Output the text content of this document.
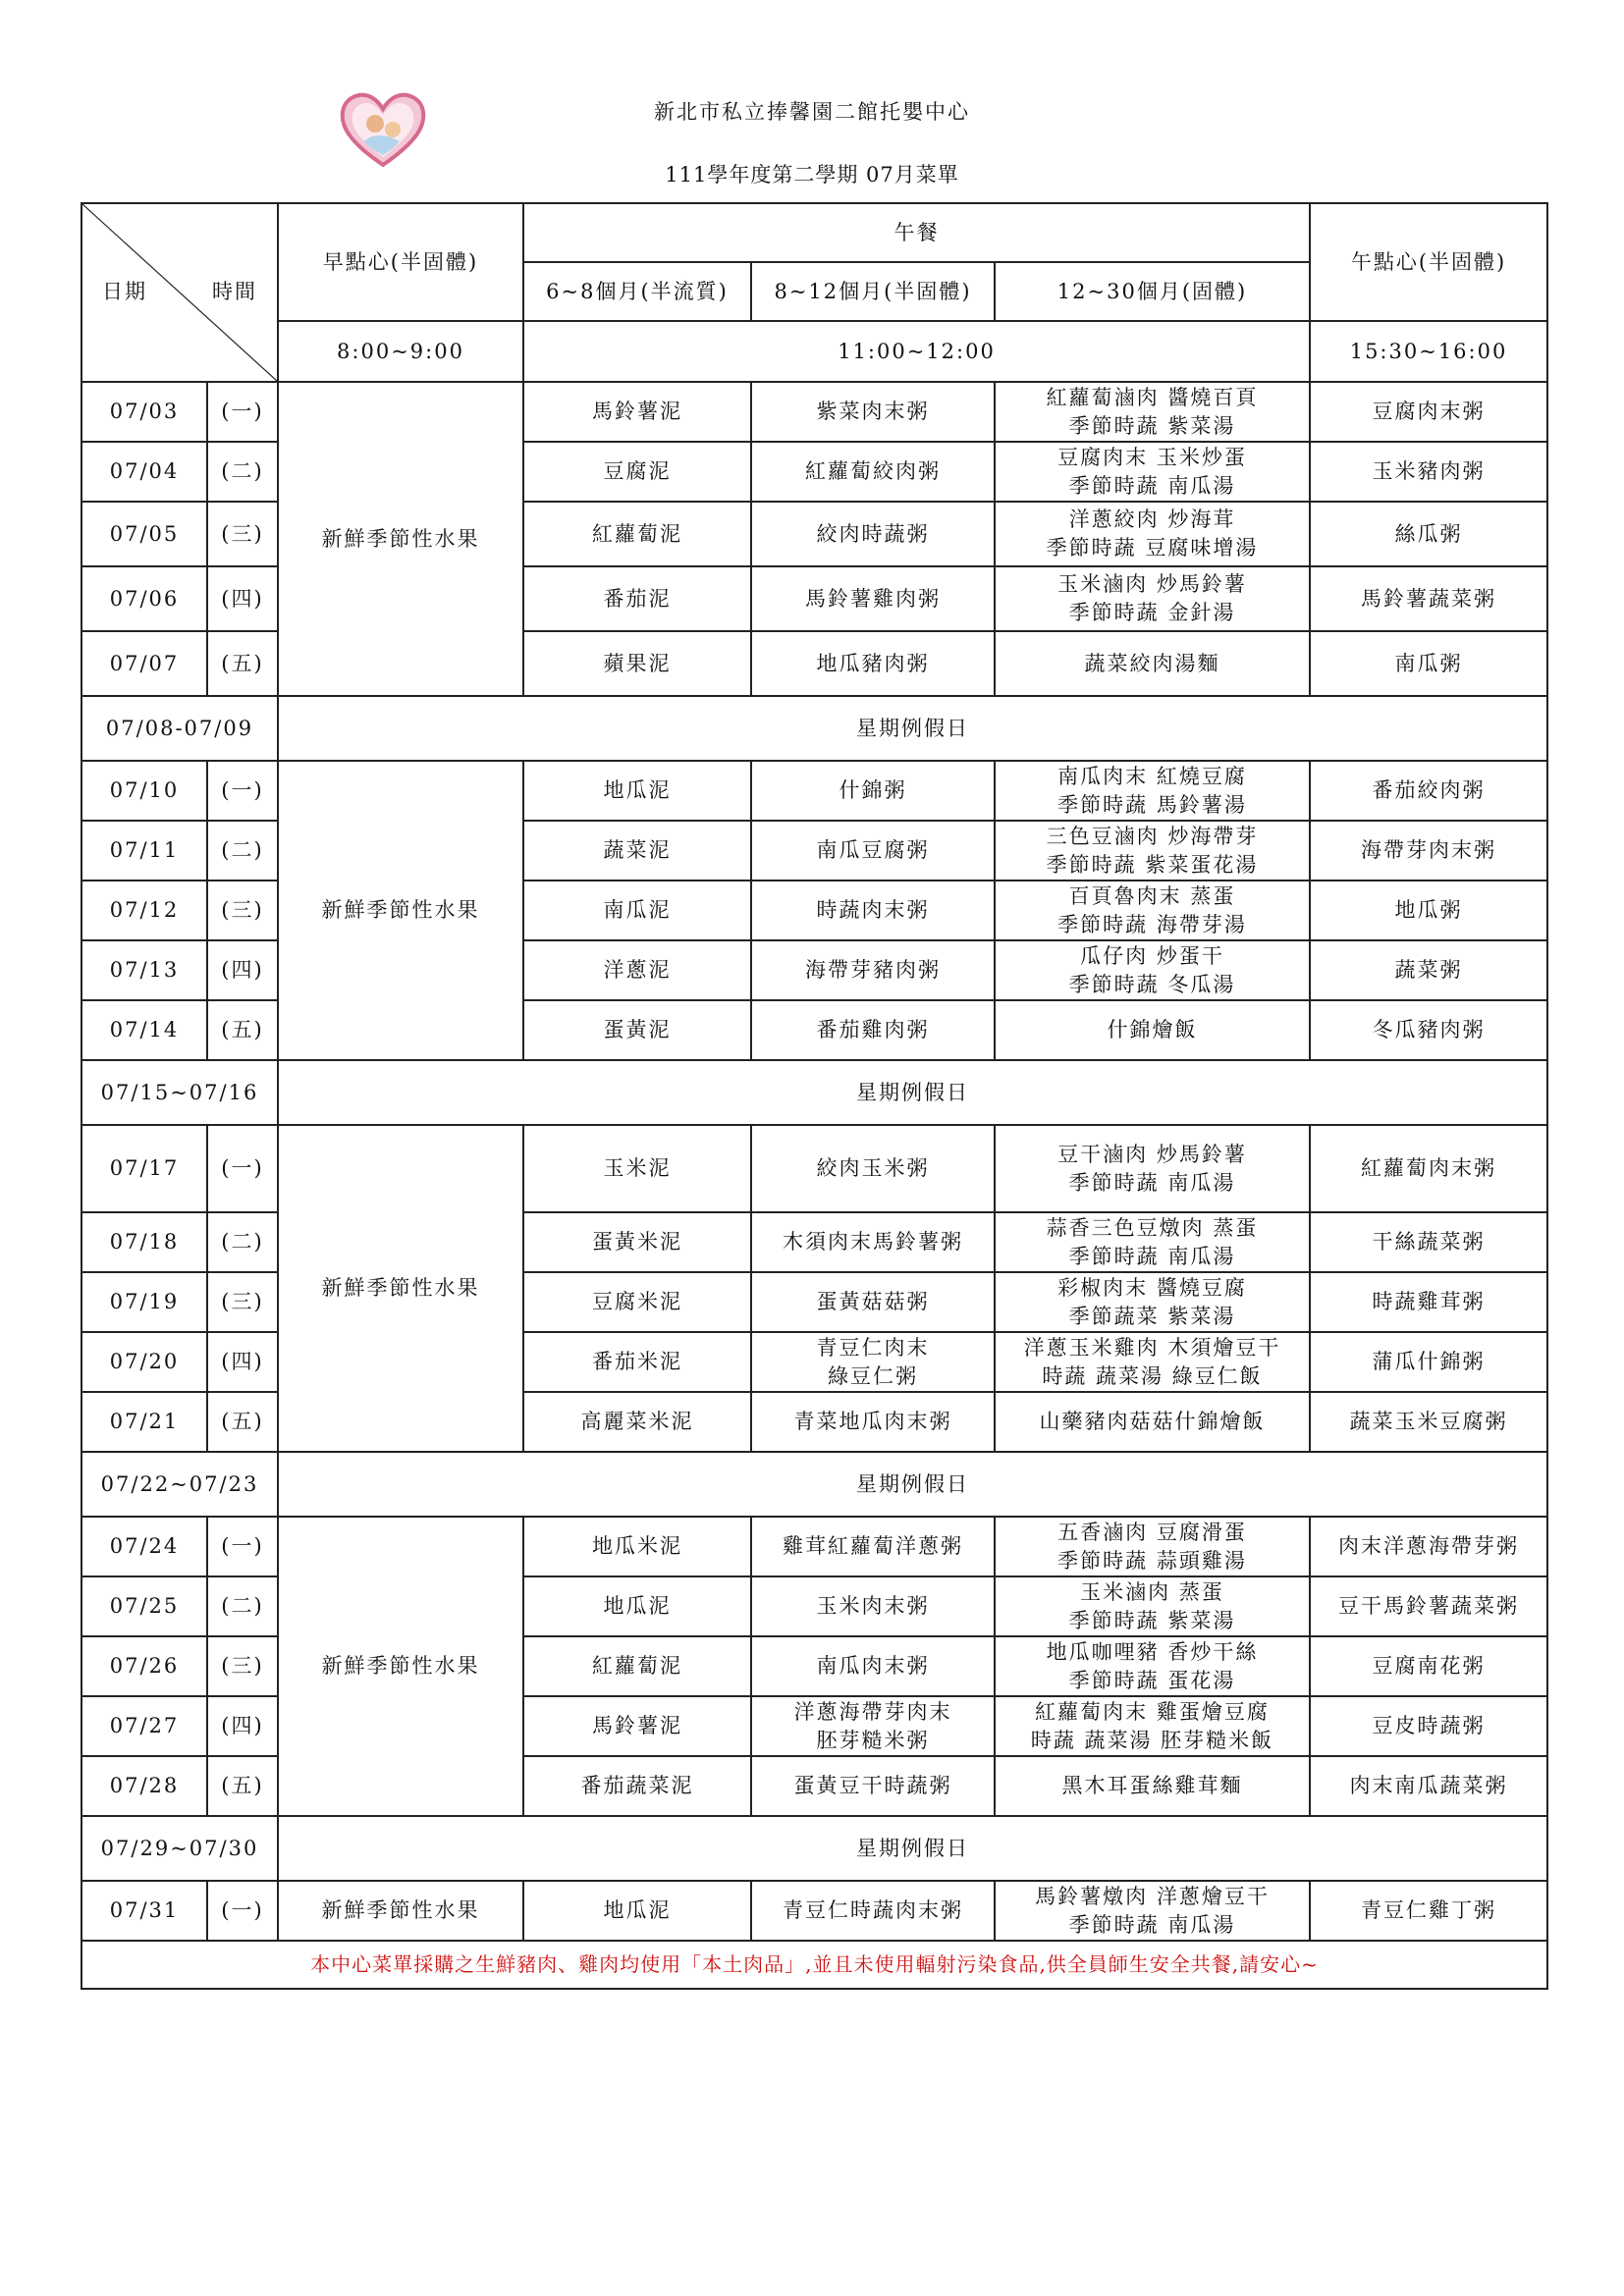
新北市私立捧馨園二館托嬰中心
111學年度第二學期 07月菜單
日期 時間		早點心(半固體)	午餐			午點心(半固體)
			6~8個月(半流質)	8~12個月(半固體)	12~30個月(固體)	
		8:00~9:00	11:00~12:00			15:30~16:00
07/03	(一)	新鮮季節性水果	馬鈴薯泥	紫菜肉末粥	紅蘿蔔滷肉 醬燒百頁
季節時蔬 紫菜湯	豆腐肉末粥
07/04	(二)		豆腐泥	紅蘿蔔絞肉粥	豆腐肉末 玉米炒蛋
季節時蔬 南瓜湯	玉米豬肉粥
07/05	(三)		紅蘿蔔泥	絞肉時蔬粥	洋蔥絞肉 炒海茸
季節時蔬 豆腐味增湯	絲瓜粥
07/06	(四)		番茄泥	馬鈴薯雞肉粥	玉米滷肉 炒馬鈴薯
季節時蔬 金針湯	馬鈴薯蔬菜粥
07/07	(五)		蘋果泥	地瓜豬肉粥	蔬菜絞肉湯麵	南瓜粥
07/08-07/09		星期例假日				
07/10	(一)	新鮮季節性水果	地瓜泥	什錦粥	南瓜肉末 紅燒豆腐
季節時蔬 馬鈴薯湯	番茄絞肉粥
07/11	(二)		蔬菜泥	南瓜豆腐粥	三色豆滷肉 炒海帶芽
季節時蔬 紫菜蛋花湯	海帶芽肉末粥
07/12	(三)		南瓜泥	時蔬肉末粥	百頁魯肉末 蒸蛋
季節時蔬 海帶芽湯	地瓜粥
07/13	(四)		洋蔥泥	海帶芽豬肉粥	瓜仔肉 炒蛋干
季節時蔬 冬瓜湯	蔬菜粥
07/14	(五)		蛋黃泥	番茄雞肉粥	什錦燴飯	冬瓜豬肉粥
07/15~07/16		星期例假日				
07/17	(一)	新鮮季節性水果	玉米泥	絞肉玉米粥	豆干滷肉 炒馬鈴薯
季節時蔬 南瓜湯	紅蘿蔔肉末粥
07/18	(二)		蛋黃米泥	木須肉末馬鈴薯粥	蒜香三色豆燉肉 蒸蛋
季節時蔬 南瓜湯	干絲蔬菜粥
07/19	(三)		豆腐米泥	蛋黃菇菇粥	彩椒肉末 醬燒豆腐
季節蔬菜 紫菜湯	時蔬雞茸粥
07/20	(四)		番茄米泥	青豆仁肉末
綠豆仁粥	洋蔥玉米雞肉 木須燴豆干
時蔬 蔬菜湯 綠豆仁飯	蒲瓜什錦粥
07/21	(五)		高麗菜米泥	青菜地瓜肉末粥	山藥豬肉菇菇什錦燴飯	蔬菜玉米豆腐粥
07/22~07/23		星期例假日				
07/24	(一)	新鮮季節性水果	地瓜米泥	雞茸紅蘿蔔洋蔥粥	五香滷肉 豆腐滑蛋
季節時蔬 蒜頭雞湯	肉末洋蔥海帶芽粥
07/25	(二)		地瓜泥	玉米肉末粥	玉米滷肉 蒸蛋
季節時蔬 紫菜湯	豆干馬鈴薯蔬菜粥
07/26	(三)		紅蘿蔔泥	南瓜肉末粥	地瓜咖哩豬 香炒干絲
季節時蔬 蛋花湯	豆腐南花粥
07/27	(四)		馬鈴薯泥	洋蔥海帶芽肉末
胚芽糙米粥	紅蘿蔔肉末 雞蛋燴豆腐
時蔬 蔬菜湯 胚芽糙米飯	豆皮時蔬粥
07/28	(五)		番茄蔬菜泥	蛋黃豆干時蔬粥	黑木耳蛋絲雞茸麵	肉末南瓜蔬菜粥
07/29~07/30		星期例假日				
07/31	(一)	新鮮季節性水果	地瓜泥	青豆仁時蔬肉末粥	馬鈴薯燉肉 洋蔥燴豆干
季節時蔬 南瓜湯	青豆仁雞丁粥
本中心菜單採購之生鮮豬肉、雞肉均使用「本土肉品」,並且未使用輻射污染食品,供全員師生安全共餐,請安心~						
